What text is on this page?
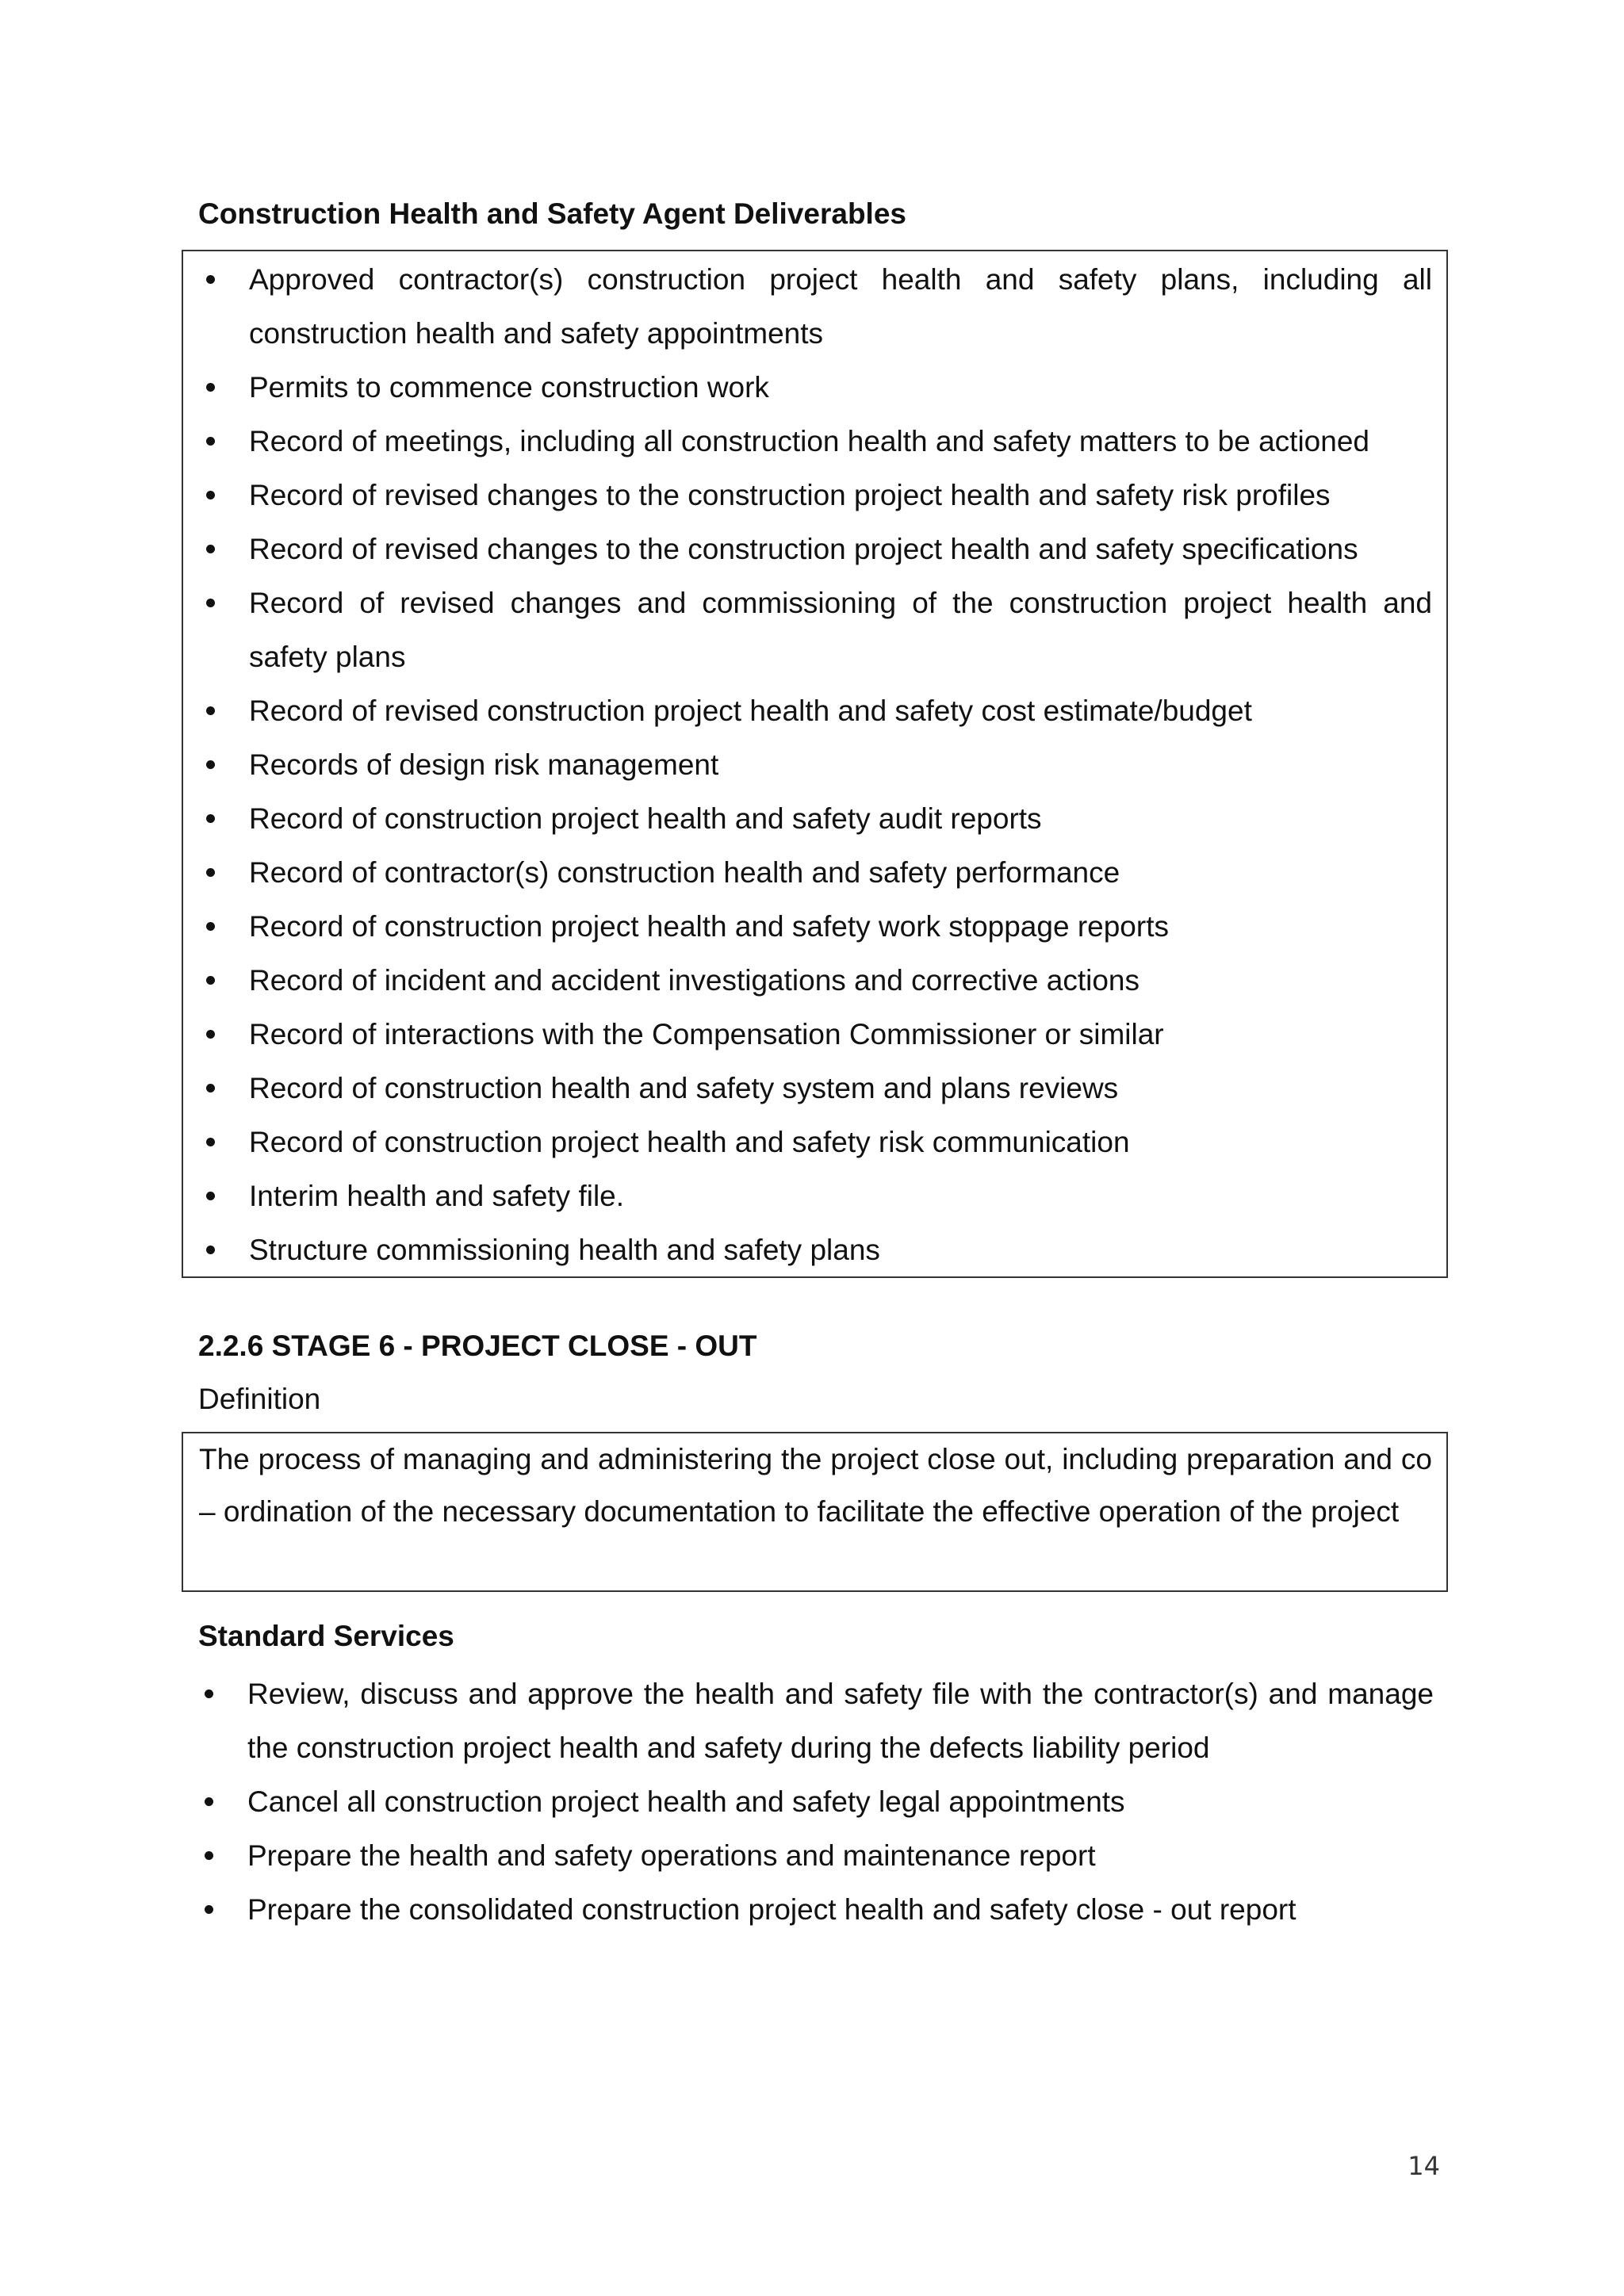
Construction Health and Safety Agent Deliverables
Approved contractor(s) construction project health and safety plans, including all construction health and safety appointments
Permits to commence construction work
Record of meetings, including all construction health and safety matters to be actioned
Record of revised changes to the construction project health and safety risk profiles
Record of revised changes to the construction project health and safety specifications
Record of revised changes and commissioning of the construction project health and safety plans
Record of revised construction project health and safety cost estimate/budget
Records of design risk management
Record of construction project health and safety audit reports
Record of contractor(s) construction health and safety performance
Record of construction project health and safety work stoppage reports
Record of incident and accident investigations and corrective actions
Record of interactions with the Compensation Commissioner or similar
Record of construction health and safety system and plans reviews
Record of construction project health and safety risk communication
Interim health and safety file.
Structure commissioning health and safety plans
2.2.6 STAGE 6 - PROJECT CLOSE - OUT

Definition

The process of managing and administering the project close out, including preparation and co – ordination of the necessary documentation to facilitate the effective operation of the project

Standard Services
Review, discuss and approve the health and safety file with the contractor(s) and manage the construction project health and safety during the defects liability period
Cancel all construction project health and safety legal appointments
Prepare the health and safety operations and maintenance report
Prepare the consolidated construction project health and safety close - out report
14
